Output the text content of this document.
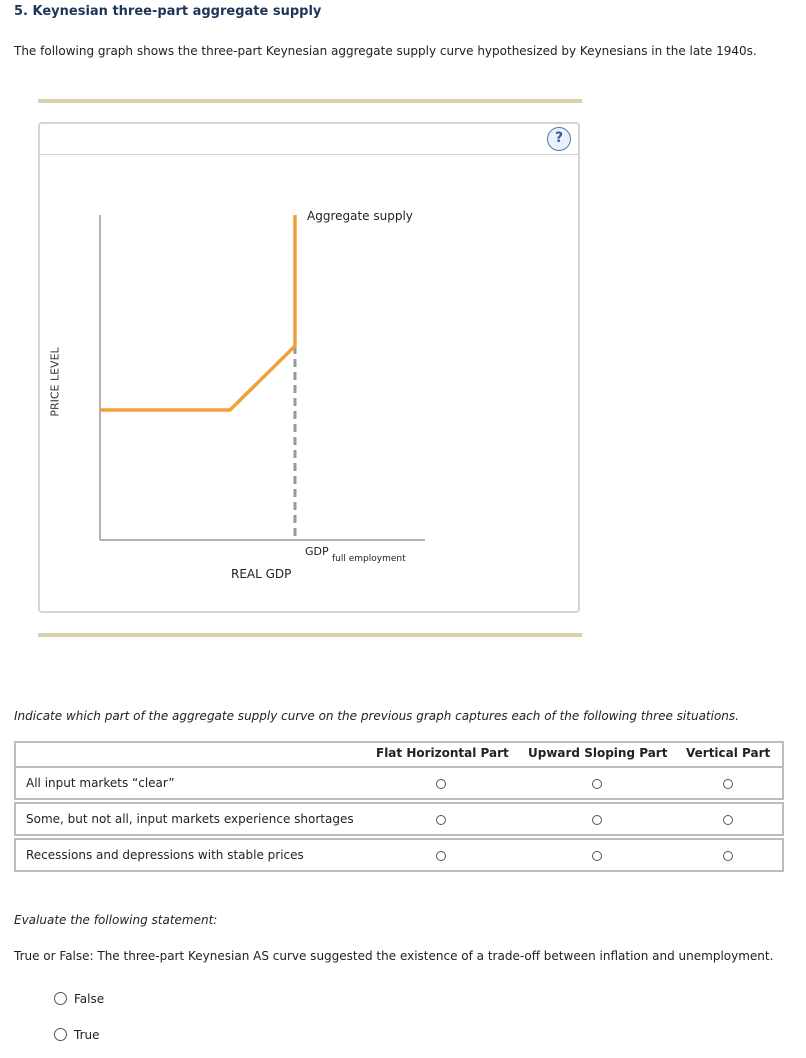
5. Keynesian three-part aggregate supply
The following graph shows the three-part Keynesian aggregate supply curve hypothesized by Keynesians in the late 1940s.
?
Aggregate supply
GDP
full employment
REAL GDP
PRICE LEVEL
Indicate which part of the aggregate supply curve on the previous graph captures each of the following three situations.
Flat Horizontal Part Upward Sloping Part Vertical Part
All input markets “clear”
Some, but not all, input markets experience shortages
Recessions and depressions with stable prices
Evaluate the following statement:
True or False: The three-part Keynesian AS curve suggested the existence of a trade-off between inflation and unemployment.
False
True
